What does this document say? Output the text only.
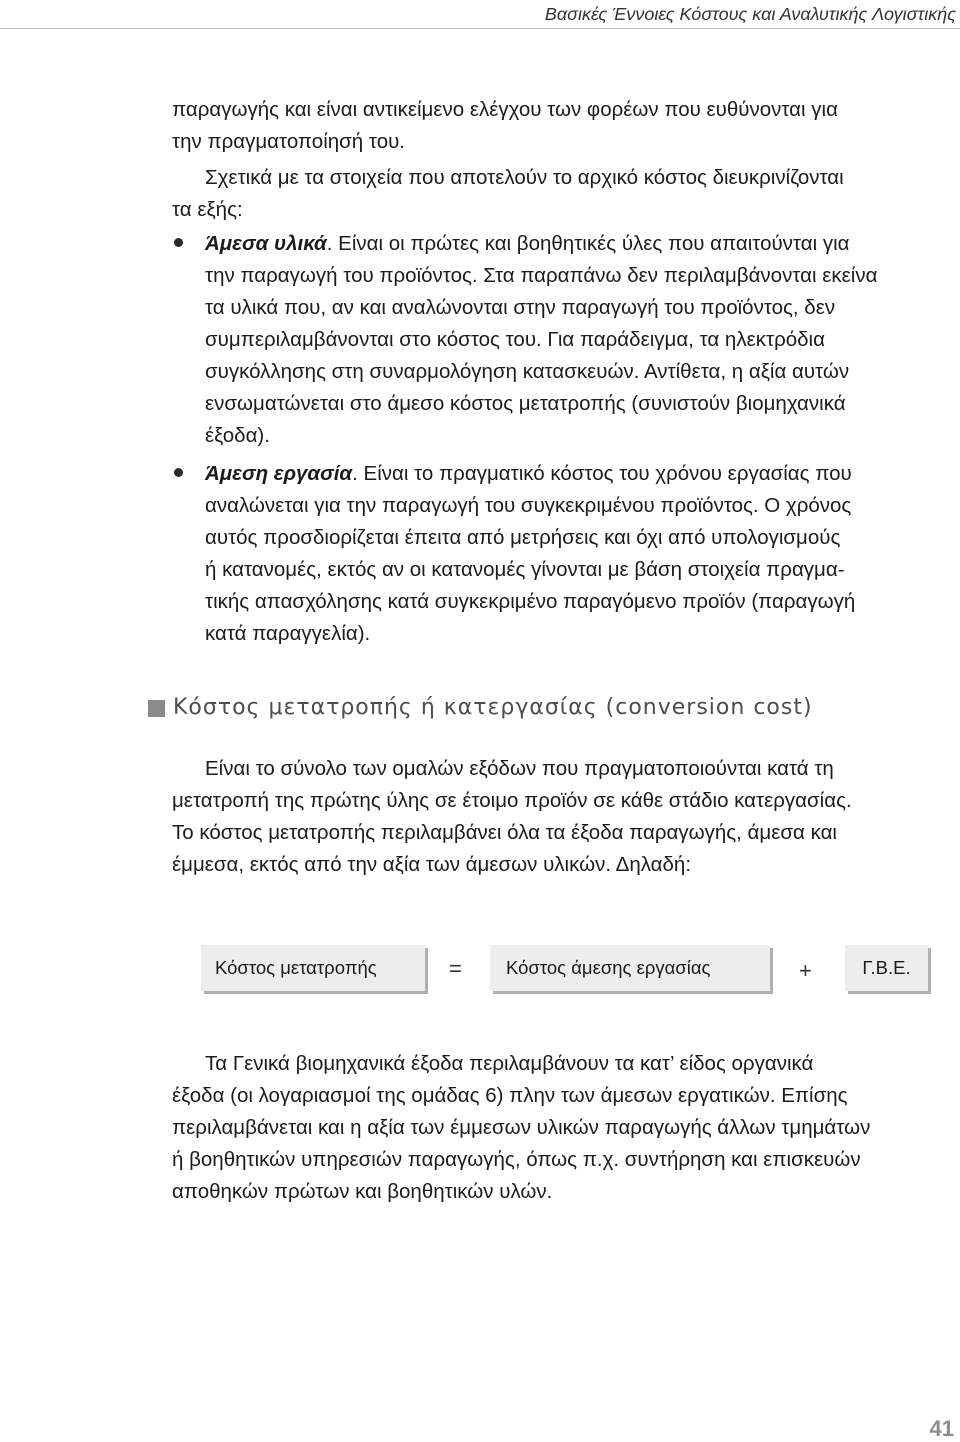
Βασικές Έννοιες Κόστους και Αναλυτικής Λογιστικής

παραγωγής και είναι αντικείμενο ελέγχου των φορέων που ευθύνονται για

την πραγματοποίησή του.

Σχετικά με τα στοιχεία που αποτελούν το αρχικό κόστος διευκρινίζονται

τα εξής:

Άμεσα υλικά. Είναι οι πρώτες και βοηθητικές ύλες που απαιτούνται για

την παραγωγή του προϊόντος. Στα παραπάνω δεν περιλαμβάνονται εκείνα

τα υλικά που, αν και αναλώνονται στην παραγωγή του προϊόντος, δεν

συμπεριλαμβάνονται στο κόστος του. Για παράδειγμα, τα ηλεκτρόδια

συγκόλλησης στη συναρμολόγηση κατασκευών. Αντίθετα, η αξία αυτών

ενσωματώνεται στο άμεσο κόστος μετατροπής (συνιστούν βιομηχανικά

έξοδα).

Άμεση εργασία. Είναι το πραγματικό κόστος του χρόνου εργασίας που

αναλώνεται για την παραγωγή του συγκεκριμένου προϊόντος. Ο χρόνος

αυτός προσδιορίζεται έπειτα από μετρήσεις και όχι από υπολογισμούς

ή κατανομές, εκτός αν οι κατανομές γίνονται με βάση στοιχεία πραγμα-

τικής απασχόλησης κατά συγκεκριμένο παραγόμενο προϊόν (παραγωγή

κατά παραγγελία).

Κόστος μετατροπής ή κατεργασίας (conversion cost)

Είναι το σύνολο των ομαλών εξόδων που πραγματοποιούνται κατά τη

μετατροπή της πρώτης ύλης σε έτοιμο προϊόν σε κάθε στάδιο κατεργασίας.

Το κόστος μετατροπής περιλαμβάνει όλα τα έξοδα παραγωγής, άμεσα και

έμμεσα, εκτός από την αξία των άμεσων υλικών. Δηλαδή:

Κόστος μετατροπής	= Κόστος άμεσης εργασίας	+	Γ.Β.Ε.

Τα Γενικά βιομηχανικά έξοδα περιλαμβάνουν τα κατ’ είδος οργανικά

έξοδα (οι λογαριασμοί της ομάδας 6) πλην των άμεσων εργατικών. Επίσης

περιλαμβάνεται και η αξία των έμμεσων υλικών παραγωγής άλλων τμημάτων

ή βοηθητικών υπηρεσιών παραγωγής, όπως π.χ. συντήρηση και επισκευών

αποθηκών πρώτων και βοηθητικών υλών.

41
